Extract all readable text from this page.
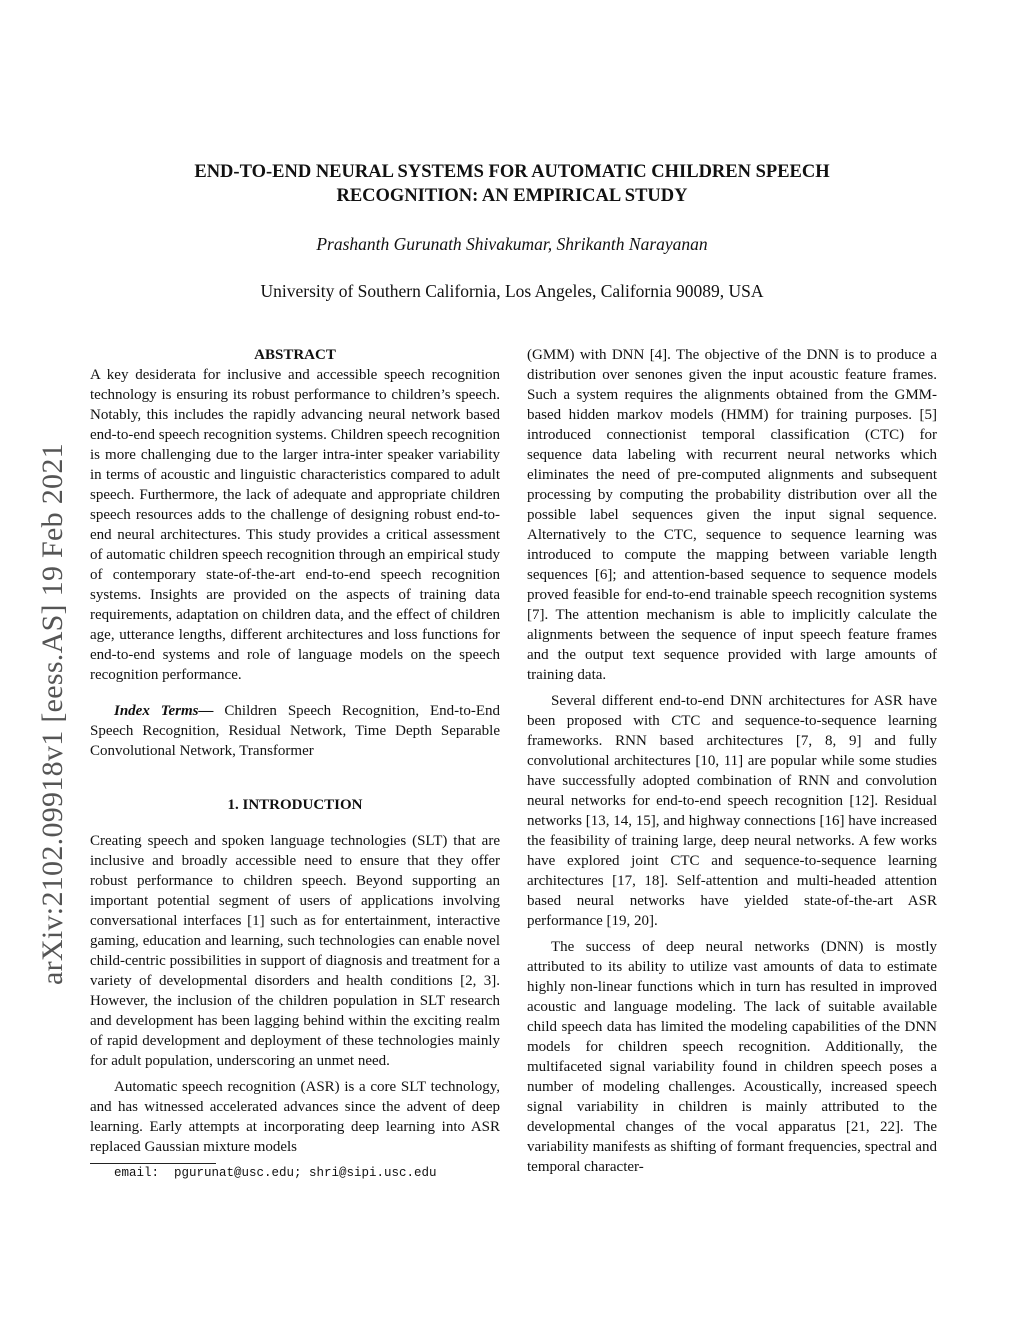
arXiv:2102.09918v1 [eess.AS] 19 Feb 2021
END-TO-END NEURAL SYSTEMS FOR AUTOMATIC CHILDREN SPEECH
RECOGNITION: AN EMPIRICAL STUDY
Prashanth Gurunath Shivakumar, Shrikanth Narayanan
University of Southern California, Los Angeles, California 90089, USA
ABSTRACT

A key desiderata for inclusive and accessible speech recognition technology is ensuring its robust performance to children’s speech. Notably, this includes the rapidly advancing neural network based end-to-end speech recognition systems. Children speech recognition is more challenging due to the larger intra-inter speaker variability in terms of acoustic and linguistic characteristics compared to adult speech. Furthermore, the lack of adequate and appropriate children speech resources adds to the challenge of designing robust end-to-end neural architectures. This study provides a critical assessment of automatic children speech recognition through an empirical study of contemporary state-of-the-art end-to-end speech recognition systems. Insights are provided on the aspects of training data requirements, adaptation on children data, and the effect of children age, utterance lengths, different architectures and loss functions for end-to-end systems and role of language models on the speech recognition performance.

Index Terms— Children Speech Recognition, End-to-End Speech Recognition, Residual Network, Time Depth Separable Convolutional Network, Transformer

1. INTRODUCTION

Creating speech and spoken language technologies (SLT) that are inclusive and broadly accessible need to ensure that they offer robust performance to children speech. Beyond supporting an important potential segment of users of applications involving conversational interfaces [1] such as for entertainment, interactive gaming, education and learning, such technologies can enable novel child-centric possibilities in support of diagnosis and treatment for a variety of developmental disorders and health conditions [2, 3]. However, the inclusion of the children population in SLT research and development has been lagging behind within the exciting realm of rapid development and deployment of these technologies mainly for adult population, underscoring an unmet need.

Automatic speech recognition (ASR) is a core SLT technology, and has witnessed accelerated advances since the advent of deep learning. Early attempts at incorporating deep learning into ASR replaced Gaussian mixture models

email:  pgurunat@usc.edu; shri@sipi.usc.edu

(GMM) with DNN [4]. The objective of the DNN is to produce a distribution over senones given the input acoustic feature frames. Such a system requires the alignments obtained from the GMM-based hidden markov models (HMM) for training purposes. [5] introduced connectionist temporal classification (CTC) for sequence data labeling with recurrent neural networks which eliminates the need of pre-computed alignments and subsequent processing by computing the probability distribution over all the possible label sequences given the input signal sequence. Alternatively to the CTC, sequence to sequence learning was introduced to compute the mapping between variable length sequences [6]; and attention-based sequence to sequence models proved feasible for end-to-end trainable speech recognition systems [7]. The attention mechanism is able to implicitly calculate the alignments between the sequence of input speech feature frames and the output text sequence provided with large amounts of training data.

Several different end-to-end DNN architectures for ASR have been proposed with CTC and sequence-to-sequence learning frameworks. RNN based architectures [7, 8, 9] and fully convolutional architectures [10, 11] are popular while some studies have successfully adopted combination of RNN and convolution neural networks for end-to-end speech recognition [12]. Residual networks [13, 14, 15], and highway connections [16] have increased the feasibility of training large, deep neural networks. A few works have explored joint CTC and sequence-to-sequence learning architectures [17, 18]. Self-attention and multi-headed attention based neural networks have yielded state-of-the-art ASR performance [19, 20].

The success of deep neural networks (DNN) is mostly attributed to its ability to utilize vast amounts of data to estimate highly non-linear functions which in turn has resulted in improved acoustic and language modeling. The lack of suitable available child speech data has limited the modeling capabilities of the DNN models for children speech recognition. Additionally, the multifaceted signal variability found in children speech poses a number of modeling challenges. Acoustically, increased speech signal variability in children is mainly attributed to the developmental changes of the vocal apparatus [21, 22]. The variability manifests as shifting of formant frequencies, spectral and temporal character-
